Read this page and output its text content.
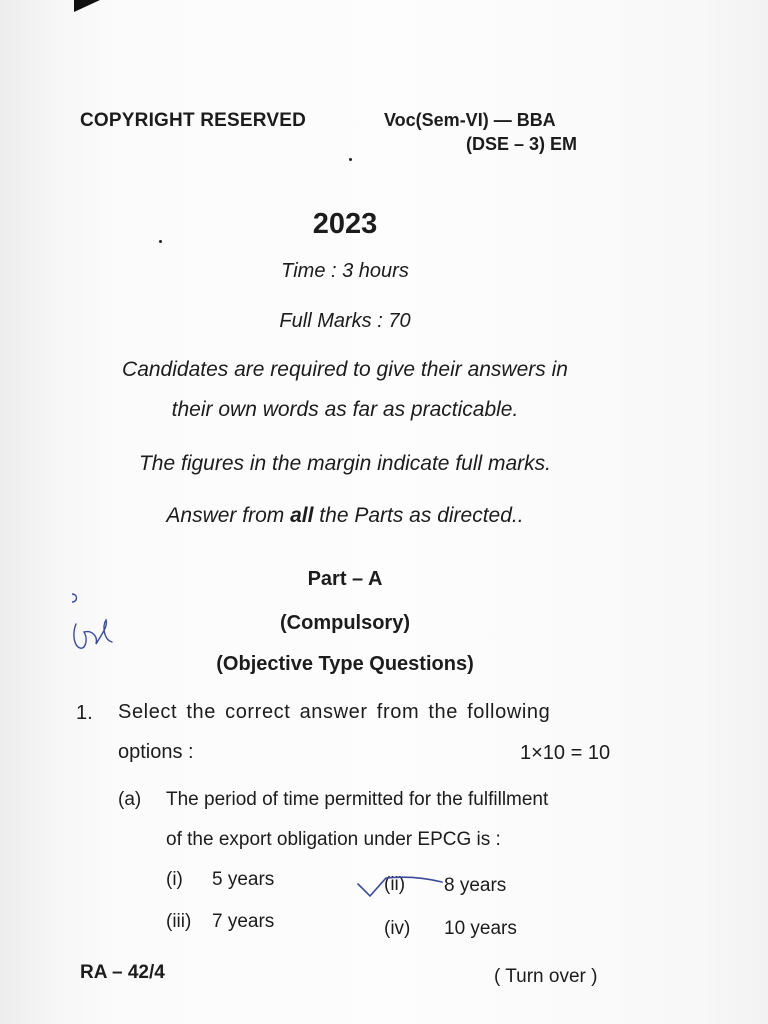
COPYRIGHT RESERVED	Voc(Sem-VI) — BBA
(DSE – 3) EM
2023
Time : 3 hours
Full Marks : 70
Candidates are required to give their answers in
their own words as far as practicable.
The figures in the margin indicate full marks.
Answer from all the Parts as directed..
Part – A
(Compulsory)
(Objective Type Questions)
1. Select the correct answer from the following
options :	1×10 = 10
(a) The period of time permitted for the fulfillment
of the export obligation under EPCG is :
(i) 5 years	(ii) 8 years
(iii) 7 years	(iv) 10 years
RA – 42/4	( Turn over )
